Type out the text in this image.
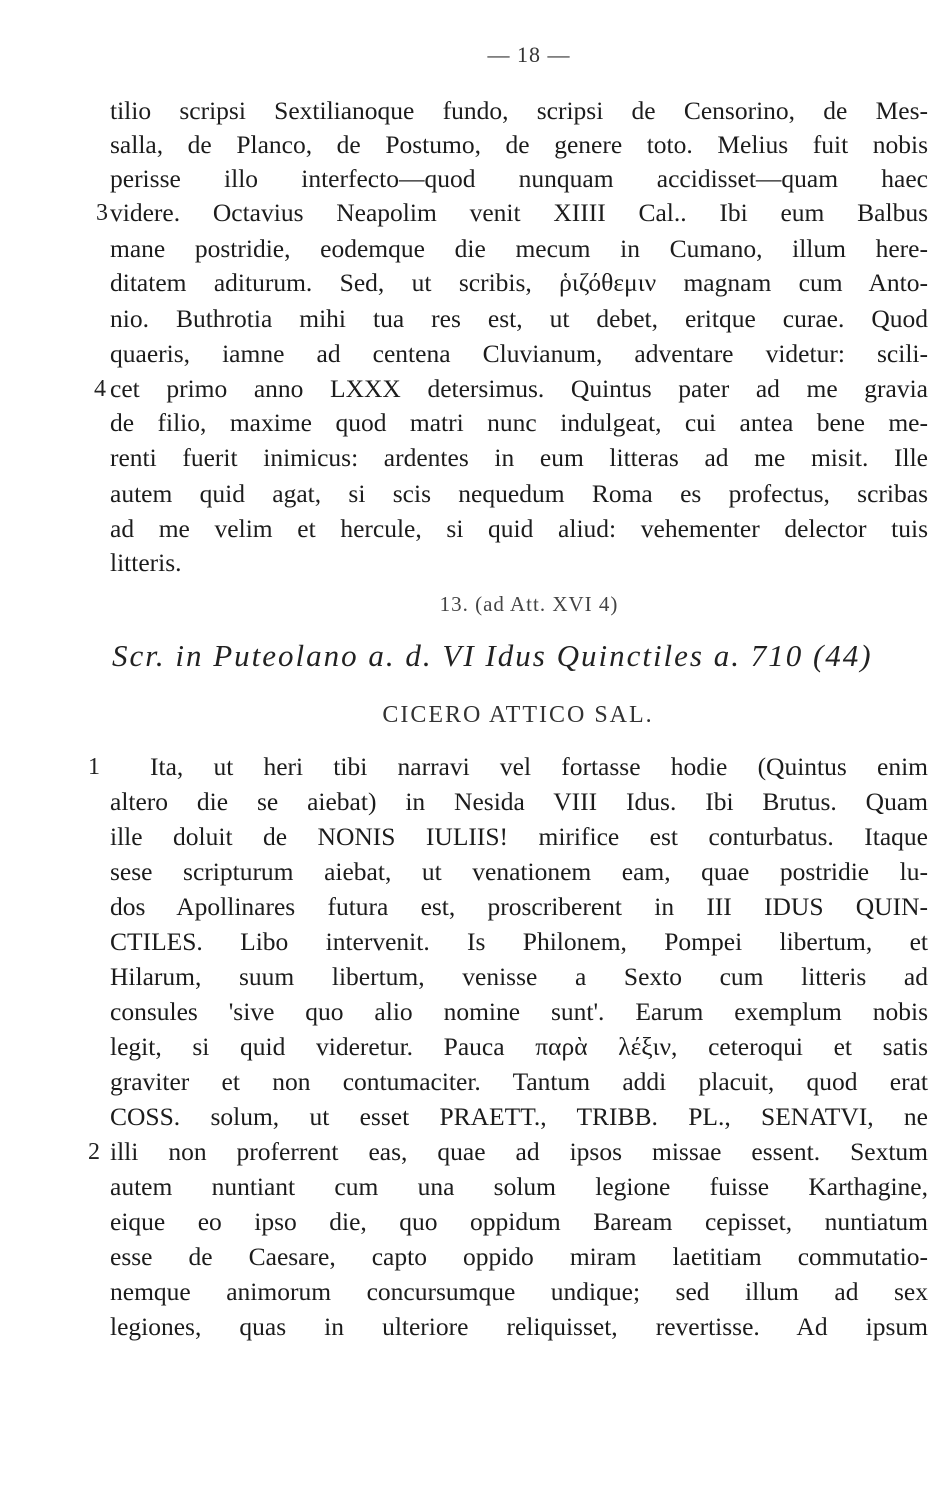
— 18 —
tilio scripsi Sextilianoque fundo, scripsi de Censorino, de Mes-
salla, de Planco, de Postumo, de genere toto. Melius fuit nobis
perisse illo interfecto—quod nunquam accidisset—quam haec
videre. Octavius Neapolim venit XIIII Cal.. Ibi eum Balbus
mane postridie, eodemque die mecum in Cumano, illum here-
ditatem aditurum. Sed, ut scribis, ῥιζόθεμιν magnam cum Anto-
nio. Buthrotia mihi tua res est, ut debet, eritque curae. Quod
quaeris, iamne ad centena Cluvianum, adventare videtur: scili-
cet primo anno LXXX detersimus. Quintus pater ad me gravia
de filio, maxime quod matri nunc indulgeat, cui antea bene me-
renti fuerit inimicus: ardentes in eum litteras ad me misit. Ille
autem quid agat, si scis nequedum Roma es profectus, scribas
ad me velim et hercule, si quid aliud: vehementer delector tuis
litteris.
3
4
13. (ad Att. XVI 4)
Scr. in Puteolano a. d. VI Idus Quinctiles a. 710 (44)
CICERO ATTICO SAL.
Ita, ut heri tibi narravi vel fortasse hodie (Quintus enim
altero die se aiebat) in Nesida VIII Idus. Ibi Brutus. Quam
ille doluit de NONIS IULIIS! mirifice est conturbatus. Itaque
sese scripturum aiebat, ut venationem eam, quae postridie lu-
dos Apollinares futura est, proscriberent in III IDUS QUIN-
CTILES. Libo intervenit. Is Philonem, Pompei libertum, et
Hilarum, suum libertum, venisse a Sexto cum litteris ad
consules 'sive quo alio nomine sunt'. Earum exemplum nobis
legit, si quid videretur. Pauca παρὰ λέξιν, ceteroqui et satis
graviter et non contumaciter. Tantum addi placuit, quod erat
COSS. solum, ut esset PRAETT., TRIBB. PL., SENATVI, ne
illi non proferrent eas, quae ad ipsos missae essent. Sextum
autem nuntiant cum una solum legione fuisse Karthagine,
eique eo ipso die, quo oppidum Baream cepisset, nuntiatum
esse de Caesare, capto oppido miram laetitiam commutatio-
nemque animorum concursumque undique; sed illum ad sex
legiones, quas in ulteriore reliquisset, revertisse. Ad ipsum
1
2
